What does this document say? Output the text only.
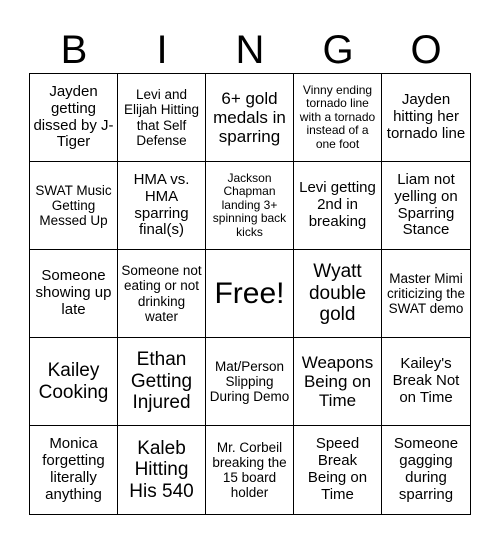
B	I	N	G	O
Jayden getting dissed by J-Tiger
Levi and Elijah Hitting that Self Defense
6+ gold medals in sparring
Vinny ending tornado line with a tornado instead of a one foot
Jayden hitting her tornado line
SWAT Music Getting Messed Up
HMA vs. HMA sparring final(s)
Jackson Chapman landing 3+ spinning back kicks
Levi getting 2nd in breaking
Liam not yelling on Sparring Stance
Someone showing up late
Someone not eating or not drinking water
Free!
Wyatt double gold
Master Mimi criticizing the SWAT demo
Kailey Cooking
Ethan Getting Injured
Mat/Person Slipping During Demo
Weapons Being on Time
Kailey's Break Not on Time
Monica forgetting literally anything
Kaleb Hitting His 540
Mr. Corbeil breaking the 15 board holder
Speed Break Being on Time
Someone gagging during sparring
